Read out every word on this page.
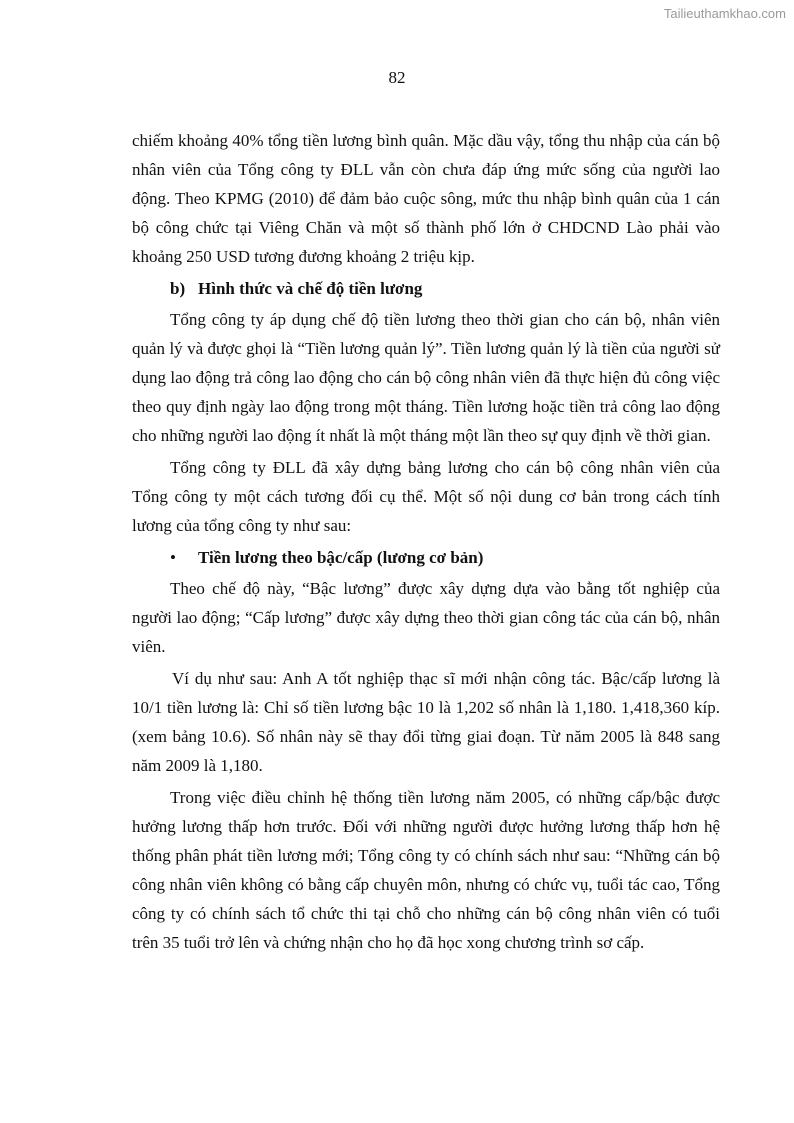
Tailieuthamkhao.com
82

chiếm khoảng 40% tổng tiền lương bình quân. Mặc dầu vậy, tổng thu nhập của cán bộ nhân viên của Tổng công ty ĐLL vẫn còn chưa đáp ứng mức sống của người lao động. Theo KPMG (2010) để đảm bảo cuộc sông, mức thu nhập bình quân của 1 cán bộ công chức tại Viêng Chăn và một số thành phố lớn ở CHDCND Lào phải vào khoảng 250 USD tương đương khoảng 2 triệu kịp.

b) Hình thức và chế độ tiền lương

Tổng công ty áp dụng chế độ tiền lương theo thời gian cho cán bộ, nhân viên quản lý và được ghọi là “Tiền lương quản lý”. Tiền lương quản lý là tiền của người sử dụng lao động trả công lao động cho cán bộ công nhân viên đã thực hiện đủ công việc theo quy định ngày lao động trong một tháng. Tiền lương hoặc tiền trả công lao động cho những người lao động ít nhất là một tháng một lần theo sự quy định về thời gian.

Tổng công ty ĐLL đã xây dựng bảng lương cho cán bộ công nhân viên của Tổng công ty một cách tương đối cụ thể. Một số nội dung cơ bản trong cách tính lương của tổng công ty như sau:

• Tiền lương theo bậc/cấp (lương cơ bản)

Theo chế độ này, “Bậc lương” được xây dựng dựa vào bằng tốt nghiệp của người lao động; “Cấp lương” được xây dựng theo thời gian công tác của cán bộ, nhân viên.

Ví dụ như sau: Anh A tốt nghiệp thạc sĩ mới nhận công tác. Bậc/cấp lương là 10/1 tiền lương là: Chỉ số tiền lương bậc 10 là 1,202 số nhân là 1,180. 1,418,360 kíp. (xem bảng 10.6). Số nhân này sẽ thay đổi từng giai đoạn. Từ năm 2005 là 848 sang năm 2009 là 1,180.

Trong việc điều chỉnh hệ thống tiền lương năm 2005, có những cấp/bậc được hưởng lương thấp hơn trước. Đối với những người được hưởng lương thấp hơn hệ thống phân phát tiền lương mới; Tổng công ty có chính sách như sau: “Những cán bộ công nhân viên không có bằng cấp chuyên môn, nhưng có chức vụ, tuổi tác cao, Tổng công ty có chính sách tổ chức thi tại chỗ cho những cán bộ công nhân viên có tuổi trên 35 tuổi trở lên và chứng nhận cho họ đã học xong chương trình sơ cấp.
